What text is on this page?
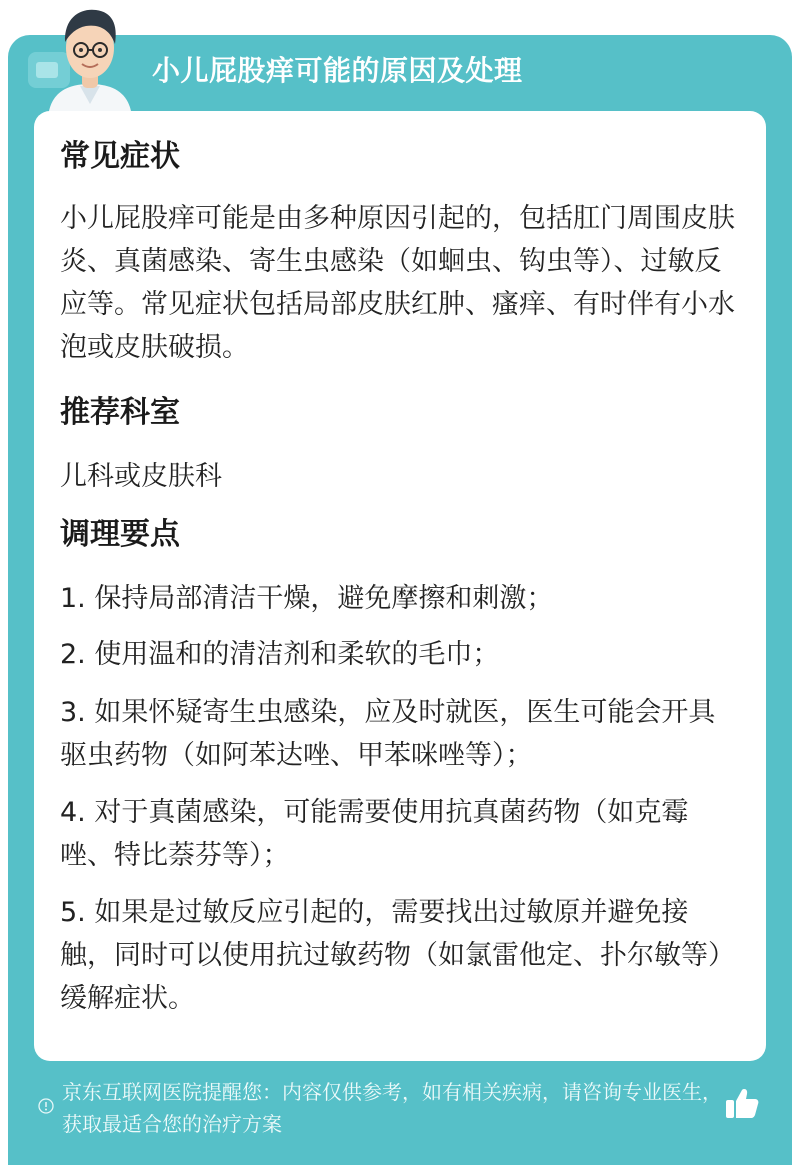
小儿屁股痒可能的原因及处理
常见症状
小儿屁股痒可能是由多种原因引起的，包括肛门周围皮肤炎、真菌感染、寄生虫感染（如蛔虫、钩虫等）、过敏反应等。常见症状包括局部皮肤红肿、瘙痒、有时伴有小水泡或皮肤破损。
推荐科室
儿科或皮肤科
调理要点
1. 保持局部清洁干燥，避免摩擦和刺激；
2. 使用温和的清洁剂和柔软的毛巾；
3. 如果怀疑寄生虫感染，应及时就医，医生可能会开具驱虫药物（如阿苯达唑、甲苯咪唑等）；
4. 对于真菌感染，可能需要使用抗真菌药物（如克霉唑、特比萘芬等）；
5. 如果是过敏反应引起的，需要找出过敏原并避免接触，同时可以使用抗过敏药物（如氯雷他定、扑尔敏等）缓解症状。
京东互联网医院提醒您：内容仅供参考，如有相关疾病，请咨询专业医生，获取最适合您的治疗方案
